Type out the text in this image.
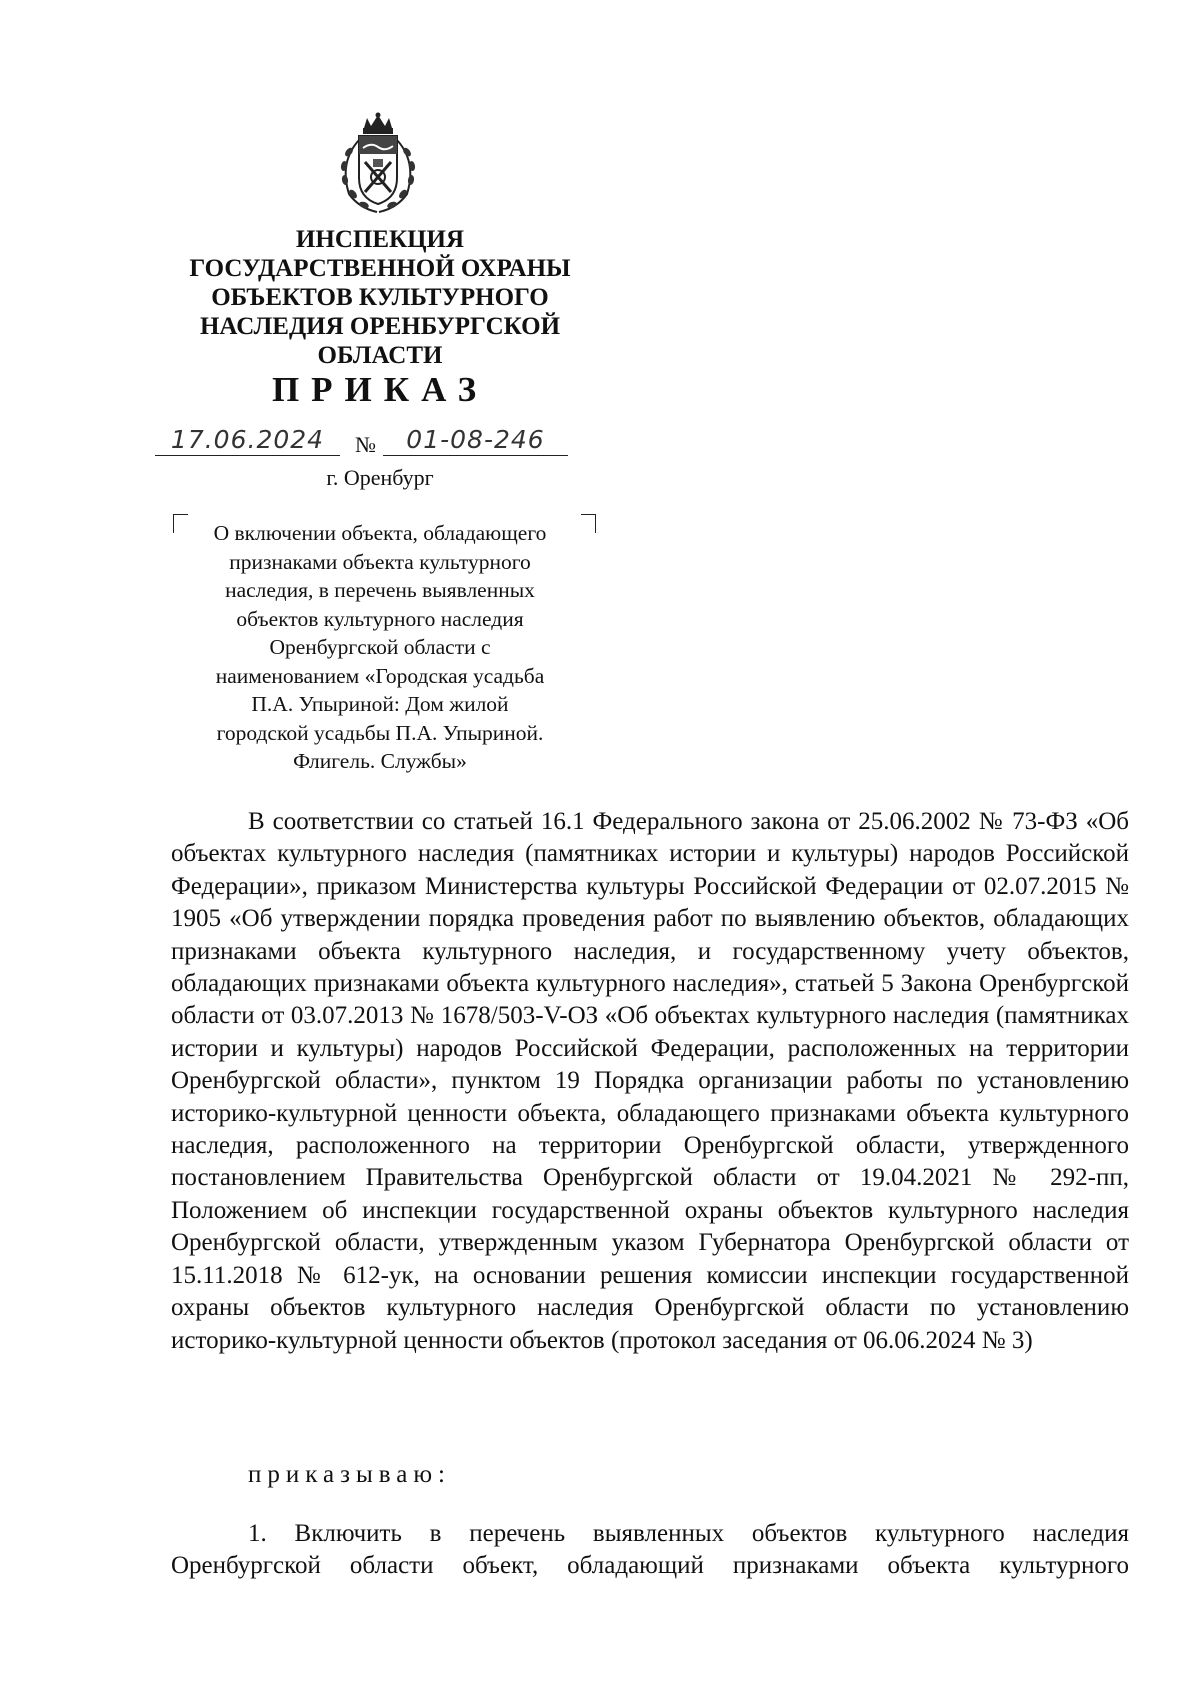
ИНСПЕКЦИЯ
ГОСУДАРСТВЕННОЙ ОХРАНЫ
ОБЪЕКТОВ КУЛЬТУРНОГО
НАСЛЕДИЯ ОРЕНБУРГСКОЙ
ОБЛАСТИ
ПРИКАЗ
17.06.2024	№	01-08-246
г. Оренбург
О включении объекта, обладающего
признаками объекта культурного
наследия, в перечень выявленных
объектов культурного наследия
Оренбургской области с
наименованием «Городская усадьба
П.А. Упыриной: Дом жилой
городской усадьбы П.А. Упыриной.
Флигель. Службы»

В соответствии со статьей 16.1 Федерального закона от 25.06.2002 № 73-ФЗ «Об объектах культурного наследия (памятниках истории и культуры) народов Российской Федерации», приказом Министерства культуры Российской Федерации от 02.07.2015 № 1905 «Об утверждении порядка проведения работ по выявлению объектов, обладающих признаками объекта культурного наследия, и государственному учету объектов, обладающих признаками объекта культурного наследия», статьей 5 Закона Оренбургской области от 03.07.2013 № 1678/503-V-ОЗ «Об объектах культурного наследия (памятниках истории и культуры) народов Российской Федерации, расположенных на территории Оренбургской области», пунктом 19 Порядка организации работы по установлению историко-культурной ценности объекта, обладающего признаками объекта культурного наследия, расположенного на территории Оренбургской области, утвержденного постановлением Правительства Оренбургской области от 19.04.2021 № 292-пп, Положением об инспекции государственной охраны объектов культурного наследия Оренбургской области, утвержденным указом Губернатора Оренбургской области от 15.11.2018 № 612-ук, на основании решения комиссии инспекции государственной охраны объектов культурного наследия Оренбургской области по установлению историко-культурной ценности объектов (протокол заседания от 06.06.2024 № 3)

приказываю:

1. Включить в перечень выявленных объектов культурного наследия Оренбургской области объект, обладающий признаками объекта культурного
